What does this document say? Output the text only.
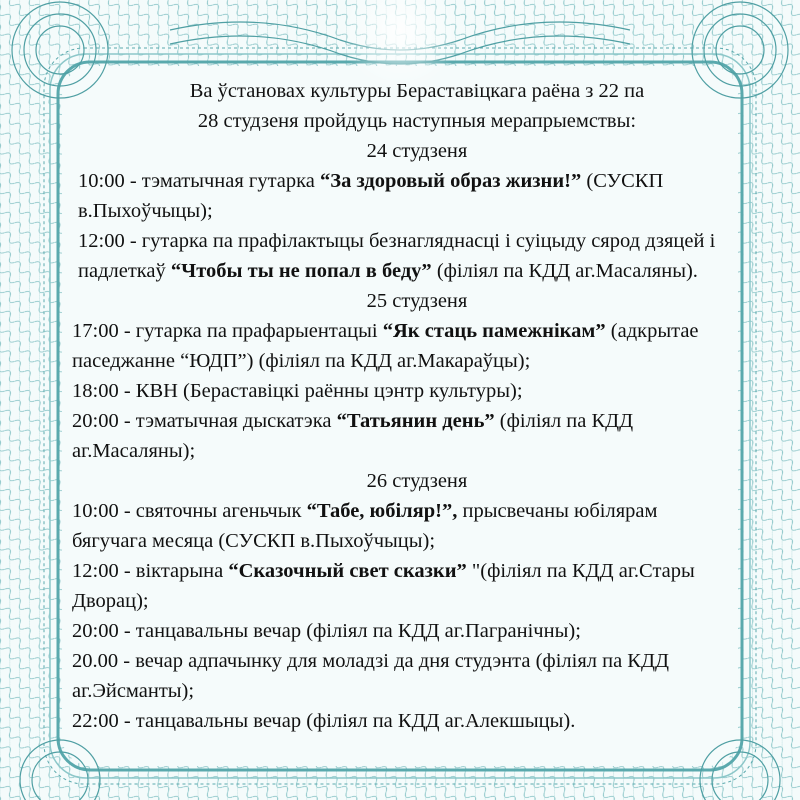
Ва ўстановах культуры Бераставіцкага раёна з 22 па
28 студзеня пройдуць наступныя мерапрыемствы:
24 студзеня
10:00 - тэматычная гутарка “За здоровый образ жизни!” (СУСКП
в.Пыхоўчыцы);
12:00 - гутарка па прафілактыцы безнагляднасці і суіцыду сярод дзяцей і
падлеткаў “Чтобы ты не попал в беду” (філіял па КДД аг.Масаляны).
25 студзеня
17:00 - гутарка па прафарыентацыі “Як стаць памежнікам” (адкрытае
паседжанне “ЮДП”) (філіял па КДД аг.Макараўцы);
18:00 - КВН (Бераставіцкі раённы цэнтр культуры);
20:00 - тэматычная дыскатэка “Татьянин день” (філіял па КДД
аг.Масаляны);
26 студзеня
10:00 - святочны агеньчык “Табе, юбіляр!”, прысвечаны юбілярам
бягучага месяца (СУСКП в.Пыхоўчыцы);
12:00 - віктарына “Сказочный свет сказки” "(філіял па КДД аг.Стары
Дворац);
20:00 - танцавальны вечар (філіял па КДД аг.Пагранічны);
20.00 - вечар адпачынку для моладзі да дня студэнта (філіял па КДД
аг.Эйсманты);
22:00 - танцавальны вечар (філіял па КДД аг.Алекшыцы).
